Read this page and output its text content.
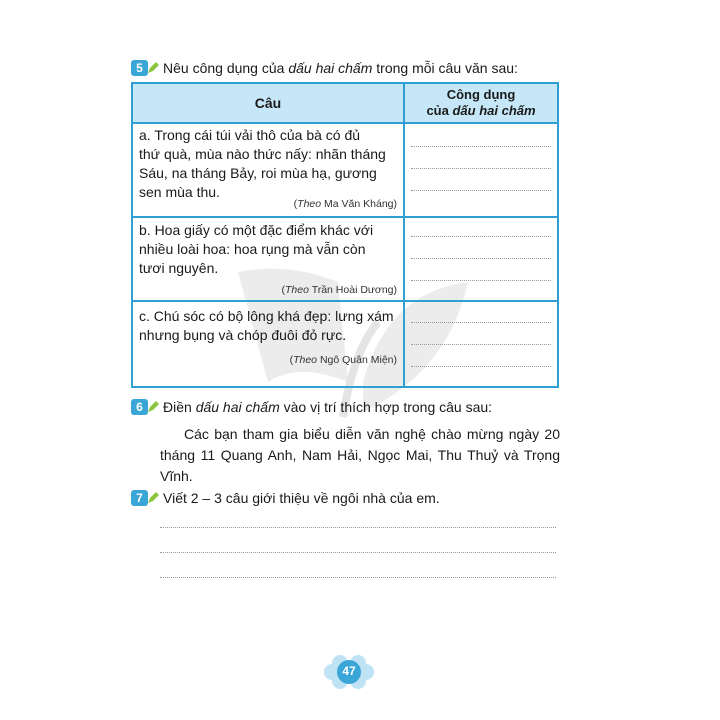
5	Nêu công dụng của dấu hai chấm trong mỗi câu văn sau:
Câu
Công dụng
của dấu hai chấm
a. Trong cái túi vải thô của bà có đủ
thứ quà, mùa nào thức nấy: nhãn tháng
Sáu, na tháng Bảy, roi mùa hạ, gương
sen mùa thu.
(Theo Ma Văn Kháng)
b. Hoa giấy có một đặc điểm khác với
nhiều loài hoa: hoa rụng mà vẫn còn
tươi nguyên.
(Theo Trần Hoài Dương)
c. Chú sóc có bộ lông khá đẹp: lưng xám
nhưng bụng và chóp đuôi đỏ rực.
(Theo Ngô Quân Miện)
6	Điền dấu hai chấm vào vị trí thích hợp trong câu sau:
Các bạn tham gia biểu diễn văn nghệ chào mừng ngày 20 tháng 11 Quang Anh, Nam Hải, Ngọc Mai, Thu Thuỷ và Trọng Vĩnh.
7	Viết 2 – 3 câu giới thiệu về ngôi nhà của em.
47
